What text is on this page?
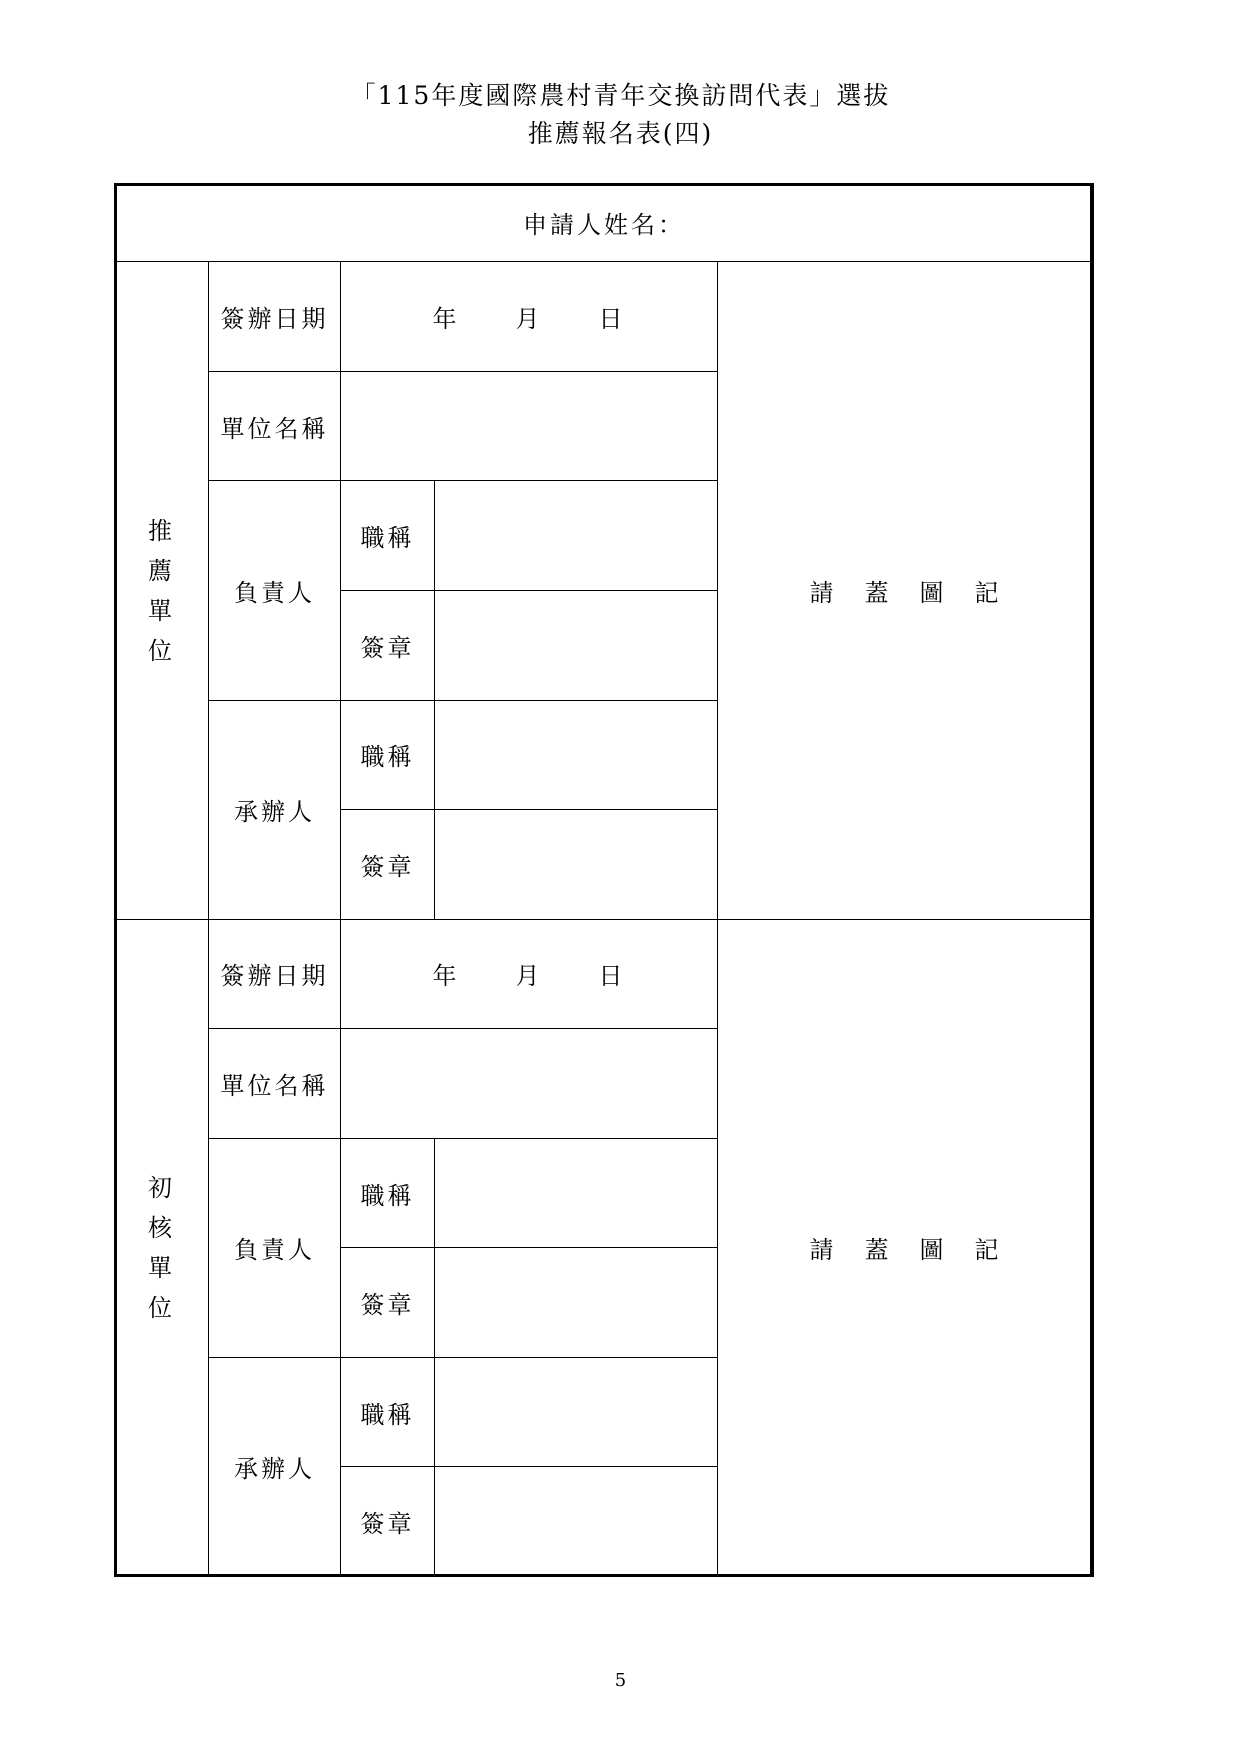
「115年度國際農村青年交換訪問代表」選拔
推薦報名表(四)
申請人姓名：				

推
薦
單
位	簽辦日期	年 月 日		請 蓋 圖 記
	單位名稱			
	負責人	職稱		
		簽章		
	承辦人	職稱		
		簽章		

初
核
單
位	簽辦日期	年 月 日		請 蓋 圖 記
	單位名稱			
	負責人	職稱		
		簽章		
	承辦人	職稱		
		簽章		
5
